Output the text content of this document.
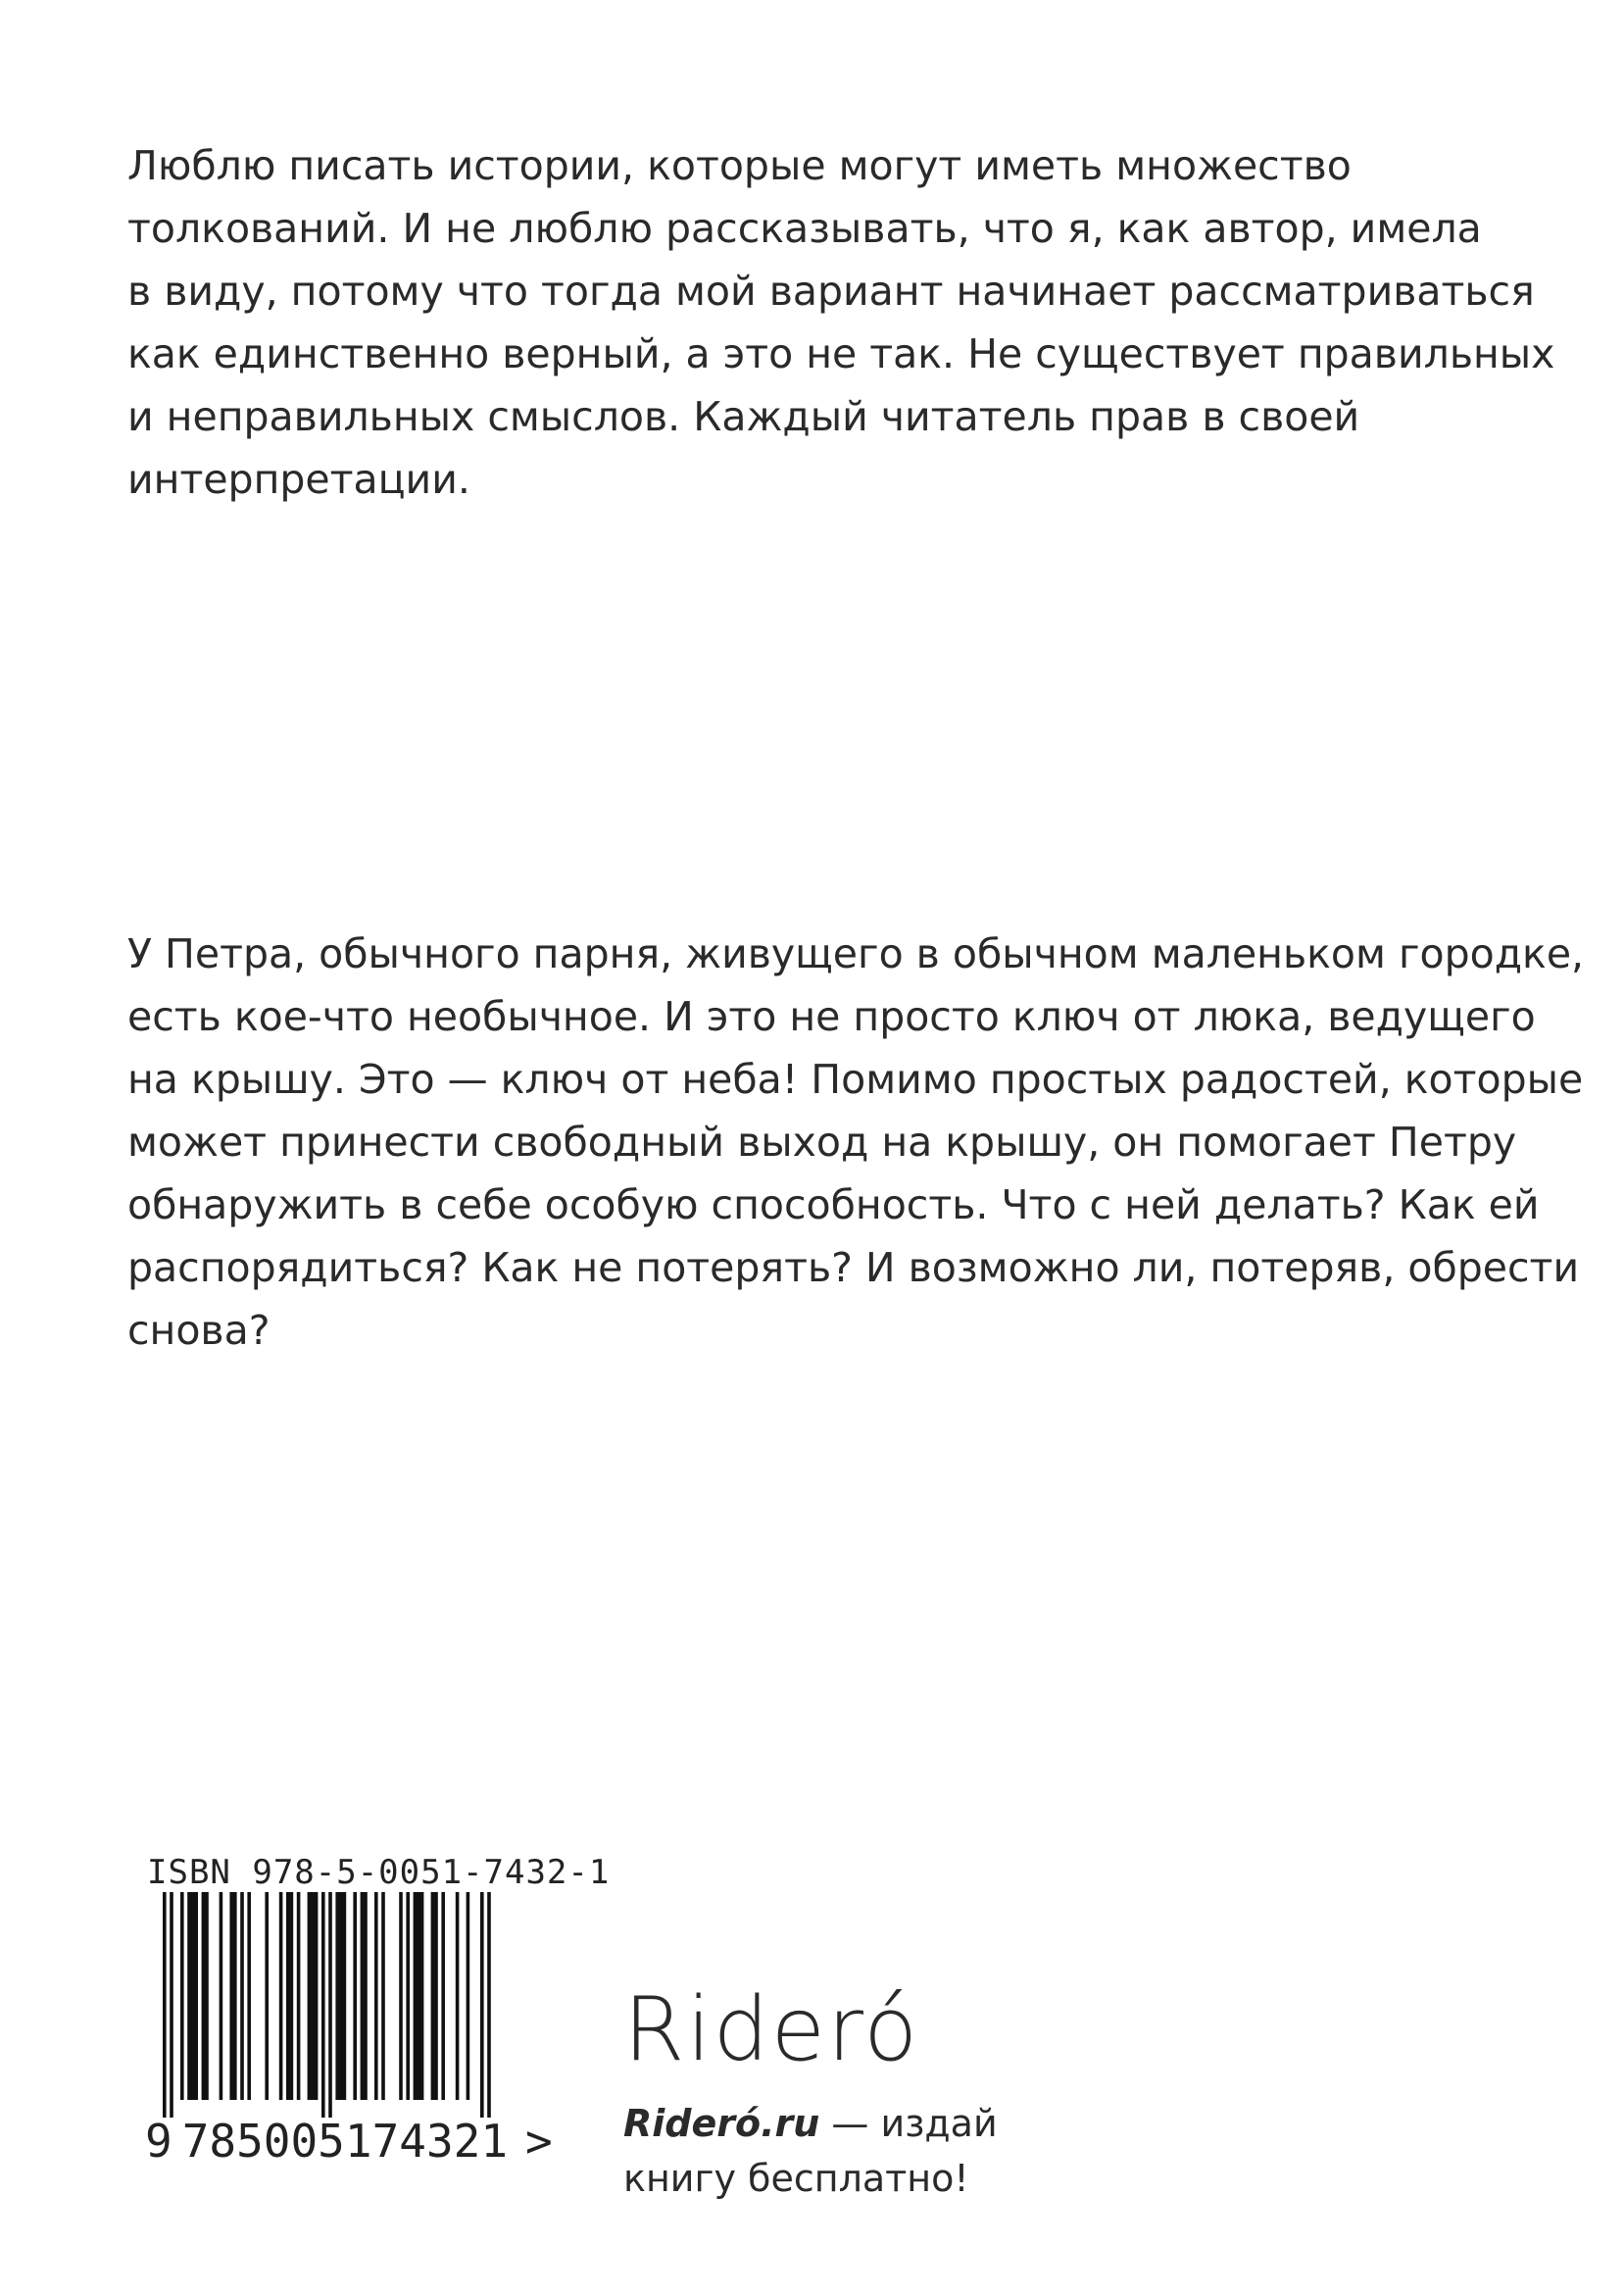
Люблю писать истории, которые могут иметь множество
толкований. И не люблю рассказывать, что я, как автор, имела
в виду, потому что тогда мой вариант начинает рассматриваться
как единственно верный, а это не так. Не существует правильных
и неправильных смыслов. Каждый читатель прав в своей
интерпретации.
У Петра, обычного парня, живущего в обычном маленьком городке,
есть кое-что необычное. И это не просто ключ от люка, ведущего
на крышу. Это — ключ от неба! Помимо простых радостей, которые
может принести свободный выход на крышу, он помогает Петру
обнаружить в себе особую способность. Что с ней делать? Как ей
распорядиться? Как не потерять? И возможно ли, потеряв, обрести
снова?
ISBN 978-5-0051-7432-1
9 785005174321 >
Rideró
Rideró.ru — издай
книгу бесплатно!
